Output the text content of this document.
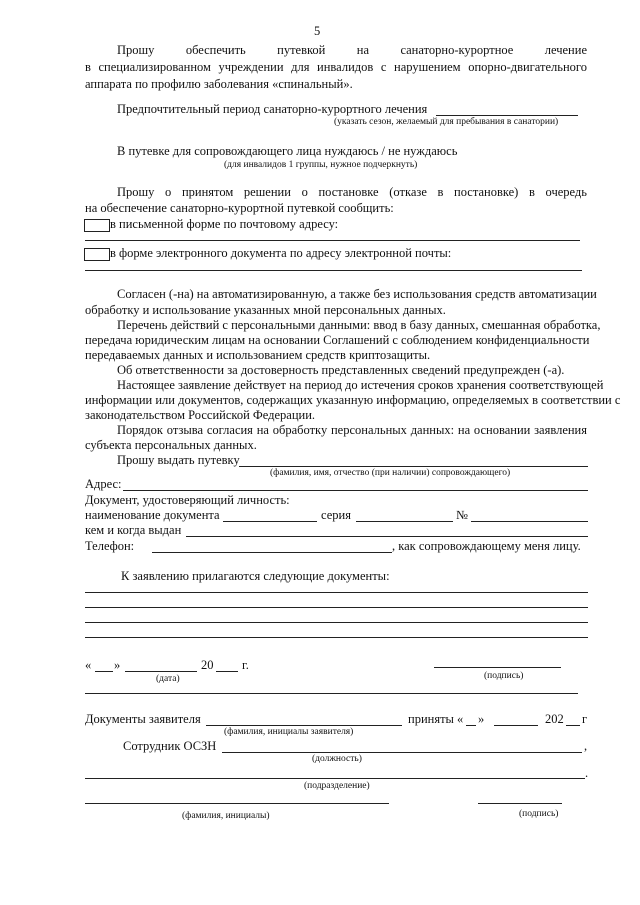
5
Прошу	обеспечить	путевкой	на	санаторно-курортное	лечение
в специализированном учреждении для инвалидов с нарушением опорно-двигательного
аппарата по профилю заболевания «спинальный».
Предпочтительный период санаторно-курортного лечения
(указать сезон, желаемый для пребывания в санатории)
В путевке для сопровождающего лица нуждаюсь / не нуждаюсь
(для инвалидов 1 группы, нужное подчеркнуть)
Прошу о принятом решении о постановке (отказе в постановке) в очередь
на обеспечение санаторно-курортной путевкой сообщить:
в письменной форме по почтовому адресу:
в форме электронного документа по адресу электронной почты:
Согласен (-на) на автоматизированную, а также без использования средств автоматизации
обработку и использование указанных мной персональных данных.
Перечень действий с персональными данными: ввод в базу данных, смешанная обработка,
передача юридическим лицам на основании Соглашений с соблюдением конфиденциальности
передаваемых данных и использованием средств криптозащиты.
Об ответственности за достоверность представленных сведений предупрежден (-а).
Настоящее заявление действует на период до истечения сроков хранения соответствующей
информации или документов, содержащих указанную информацию, определяемых в соответствии с
законодательством Российской Федерации.
Порядок отзыва согласия на обработку персональных данных: на основании заявления
субъекта персональных данных.
Прошу выдать путевку
(фамилия, имя, отчество (при наличии) сопровождающего)
Адрес:
Документ, удостоверяющий личность:
наименование документа	серия	№
кем и когда выдан
Телефон:	, как сопровождающему меня лицу.
К заявлению прилагаются следующие документы:
« »	20 г.
(дата)	(подпись)
Документы заявителя	приняты « »	202 г
(фамилия, инициалы заявителя)
Сотрудник ОСЗН	,
(должность)
.
(подразделение)
(фамилия, инициалы)	(подпись)
